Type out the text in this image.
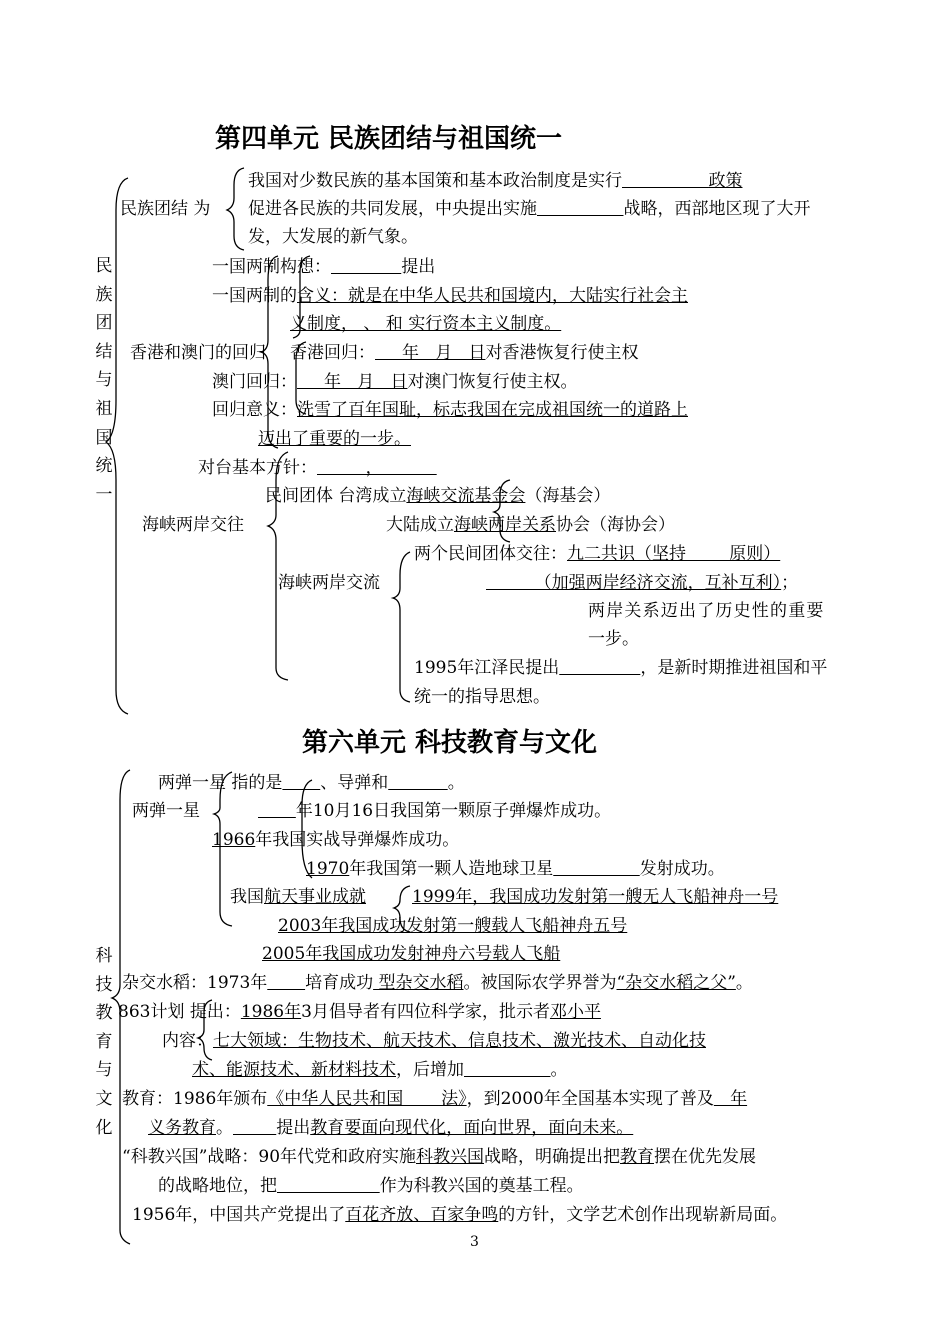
第四单元 民族团结与祖国统一
民族团结与祖国统一
民族团结 为
我国对少数民族的基本国策和基本政治制度是实行	政策
促进各民族的共同发展，中央提出实施	战略，西部地区现了大开
发，大发展的新气象。
一国两制构想：	提出
一国两制的含义：就是在中华人民共和国境内，大陆实行社会主
义制度， 、 和 实行资本主义制度。
香港和澳门的回归 香港回归：     年   月   日对香港恢复行使主权
澳门回归：     年   月   日对澳门恢复行使主权。
回归意义：洗雪了百年国耻，标志我国在完成祖国统一的道路上
迈出了重要的一步。
对台基本方针：         ，
海峡两岸交往
民间团体 台湾成立海峡交流基金会（海基会）
大陆成立海峡两岸关系协会（海协会）
海峡两岸交流
两个民间团体交往：九二共识（坚持        原则）
（加强两岸经济交流，互补互利）；
两岸关系迈出了历史性的重要
一步。
1995年江泽民提出	，是新时期推进祖国和平
统一的指导思想。
第六单元 科技教育与文化
科技教育与文化
两弹一星 指的是 、导弹和	。
两弹一星	年10月16日我国第一颗原子弹爆炸成功。
1966年我国实战导弹爆炸成功。
1970年我国第一颗人造地球卫星	发射成功。
我国航天事业成就	1999年，我国成功发射第一艘无人飞船神舟一号
2003年我国成功发射第一艘载人飞船神舟五号
2005年我国成功发射神舟六号载人飞船
杂交水稻：1973年 培育成功 型杂交水稻。被国际农学界誉为“杂交水稻之父”。
863计划 提出：1986年3月倡导者有四位科学家，批示者邓小平
内容：七大领域：生物技术、航天技术、信息技术、激光技术、自动化技
术、能源技术、新材料技术，后增加	。
教育：1986年颁布《中华人民共和国       法》，到2000年全国基本实现了普及   年
义务教育。	提出教育要面向现代化，面向世界，面向未来。
“科教兴国”战略：90年代党和政府实施科教兴国战略，明确提出把教育摆在优先发展
的战略地位，把	作为科教兴国的奠基工程。
1956年，中国共产党提出了百花齐放、百家争鸣的方针，文学艺术创作出现崭新局面。
3
